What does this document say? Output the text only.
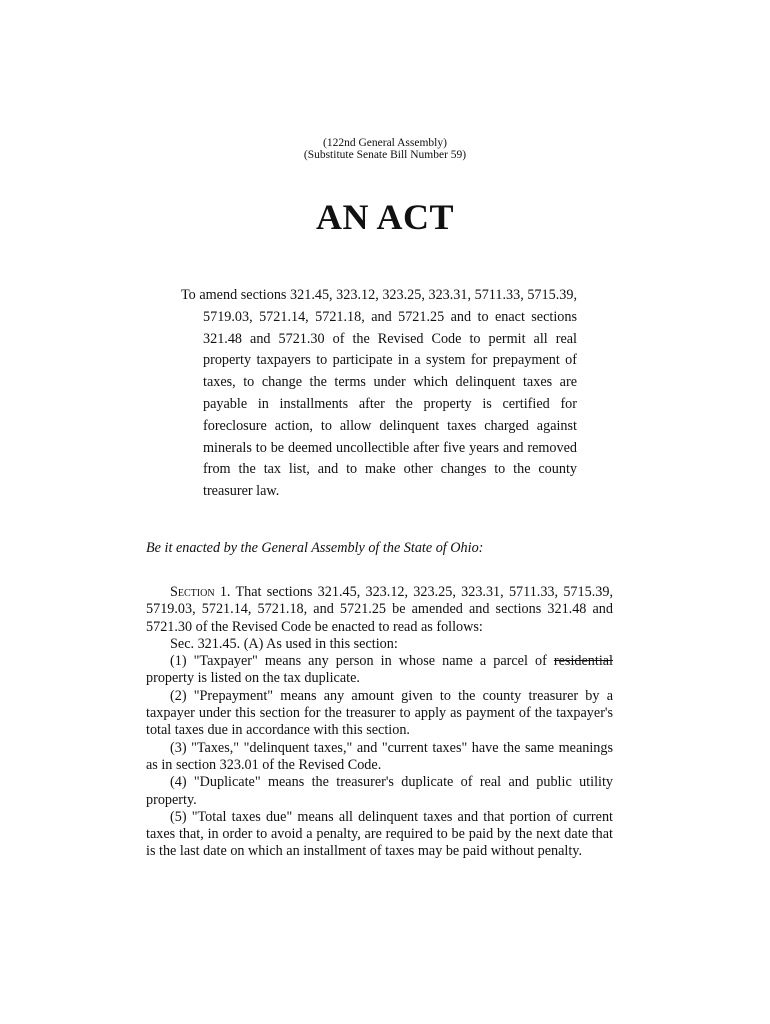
(122nd General Assembly)
(Substitute Senate Bill Number 59)
AN ACT
To amend sections 321.45, 323.12, 323.25, 323.31, 5711.33, 5715.39, 5719.03, 5721.14, 5721.18, and 5721.25 and to enact sections 321.48 and 5721.30 of the Revised Code to permit all real property taxpayers to participate in a system for prepayment of taxes, to change the terms under which delinquent taxes are payable in installments after the property is certified for foreclosure action, to allow delinquent taxes charged against minerals to be deemed uncollectible after five years and removed from the tax list, and to make other changes to the county treasurer law.
Be it enacted by the General Assembly of the State of Ohio:

Section 1. That sections 321.45, 323.12, 323.25, 323.31, 5711.33, 5715.39, 5719.03, 5721.14, 5721.18, and 5721.25 be amended and sections 321.48 and 5721.30 of the Revised Code be enacted to read as follows:

Sec. 321.45. (A) As used in this section:

(1) "Taxpayer" means any person in whose name a parcel of residential property is listed on the tax duplicate.

(2) "Prepayment" means any amount given to the county treasurer by a taxpayer under this section for the treasurer to apply as payment of the taxpayer's total taxes due in accordance with this section.

(3) "Taxes," "delinquent taxes," and "current taxes" have the same meanings as in section 323.01 of the Revised Code.

(4) "Duplicate" means the treasurer's duplicate of real and public utility property.

(5) "Total taxes due" means all delinquent taxes and that portion of current taxes that, in order to avoid a penalty, are required to be paid by the next date that is the last date on which an installment of taxes may be paid without penalty.
